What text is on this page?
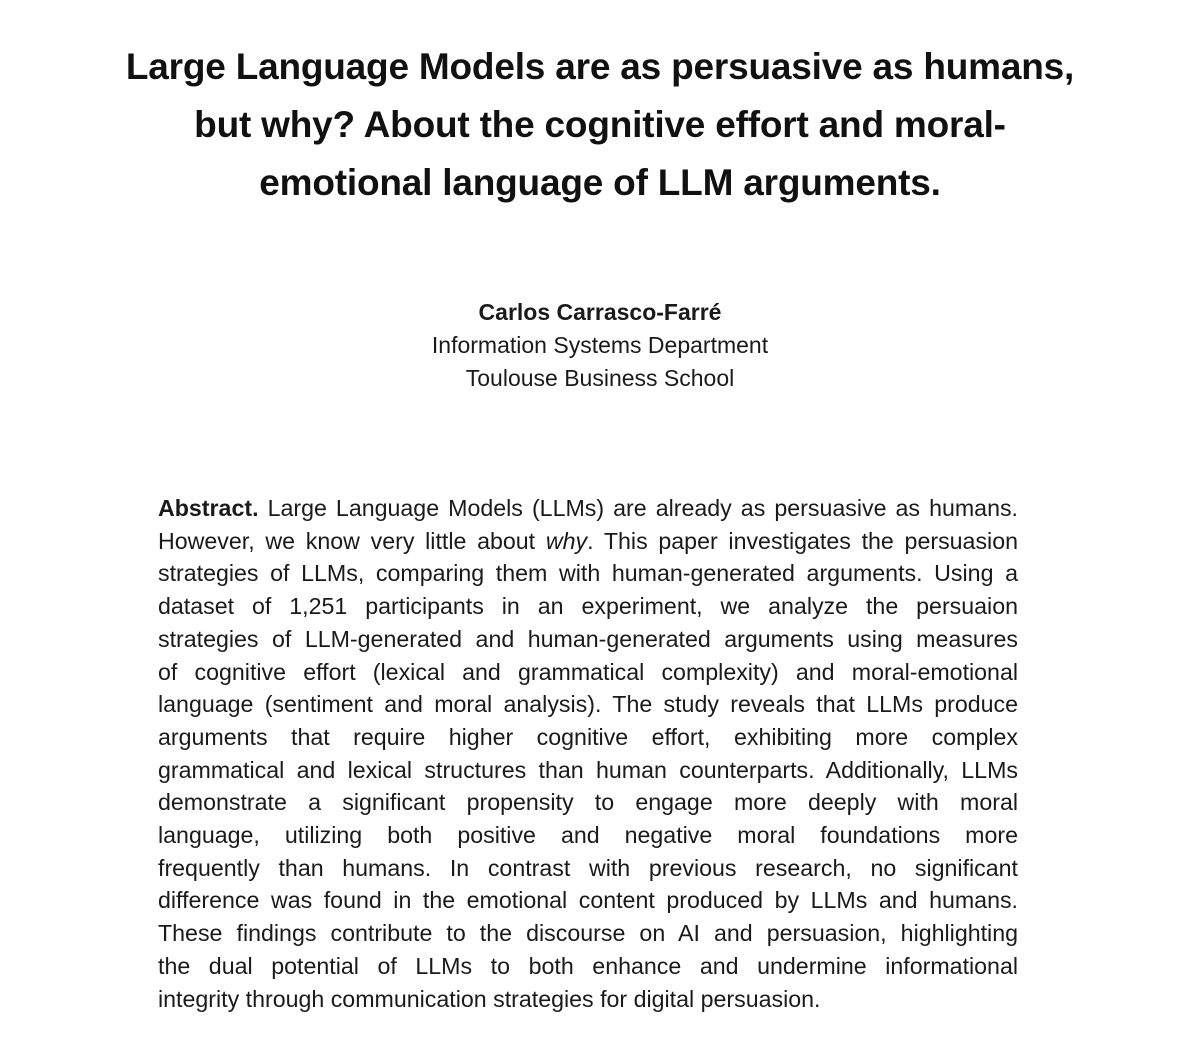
Large Language Models are as persuasive as humans,
but why? About the cognitive effort and moral-
emotional language of LLM arguments.
Carlos Carrasco-Farré
Information Systems Department
Toulouse Business School
Abstract. Large Language Models (LLMs) are already as persuasive as humans.
However, we know very little about why. This paper investigates the persuasion
strategies of LLMs, comparing them with human-generated arguments. Using a
dataset of 1,251 participants in an experiment, we analyze the persuaion
strategies of LLM-generated and human-generated arguments using measures
of cognitive effort (lexical and grammatical complexity) and moral-emotional
language (sentiment and moral analysis). The study reveals that LLMs produce
arguments that require higher cognitive effort, exhibiting more complex
grammatical and lexical structures than human counterparts. Additionally, LLMs
demonstrate a significant propensity to engage more deeply with moral
language, utilizing both positive and negative moral foundations more
frequently than humans. In contrast with previous research, no significant
difference was found in the emotional content produced by LLMs and humans.
These findings contribute to the discourse on AI and persuasion, highlighting
the dual potential of LLMs to both enhance and undermine informational
integrity through communication strategies for digital persuasion.
